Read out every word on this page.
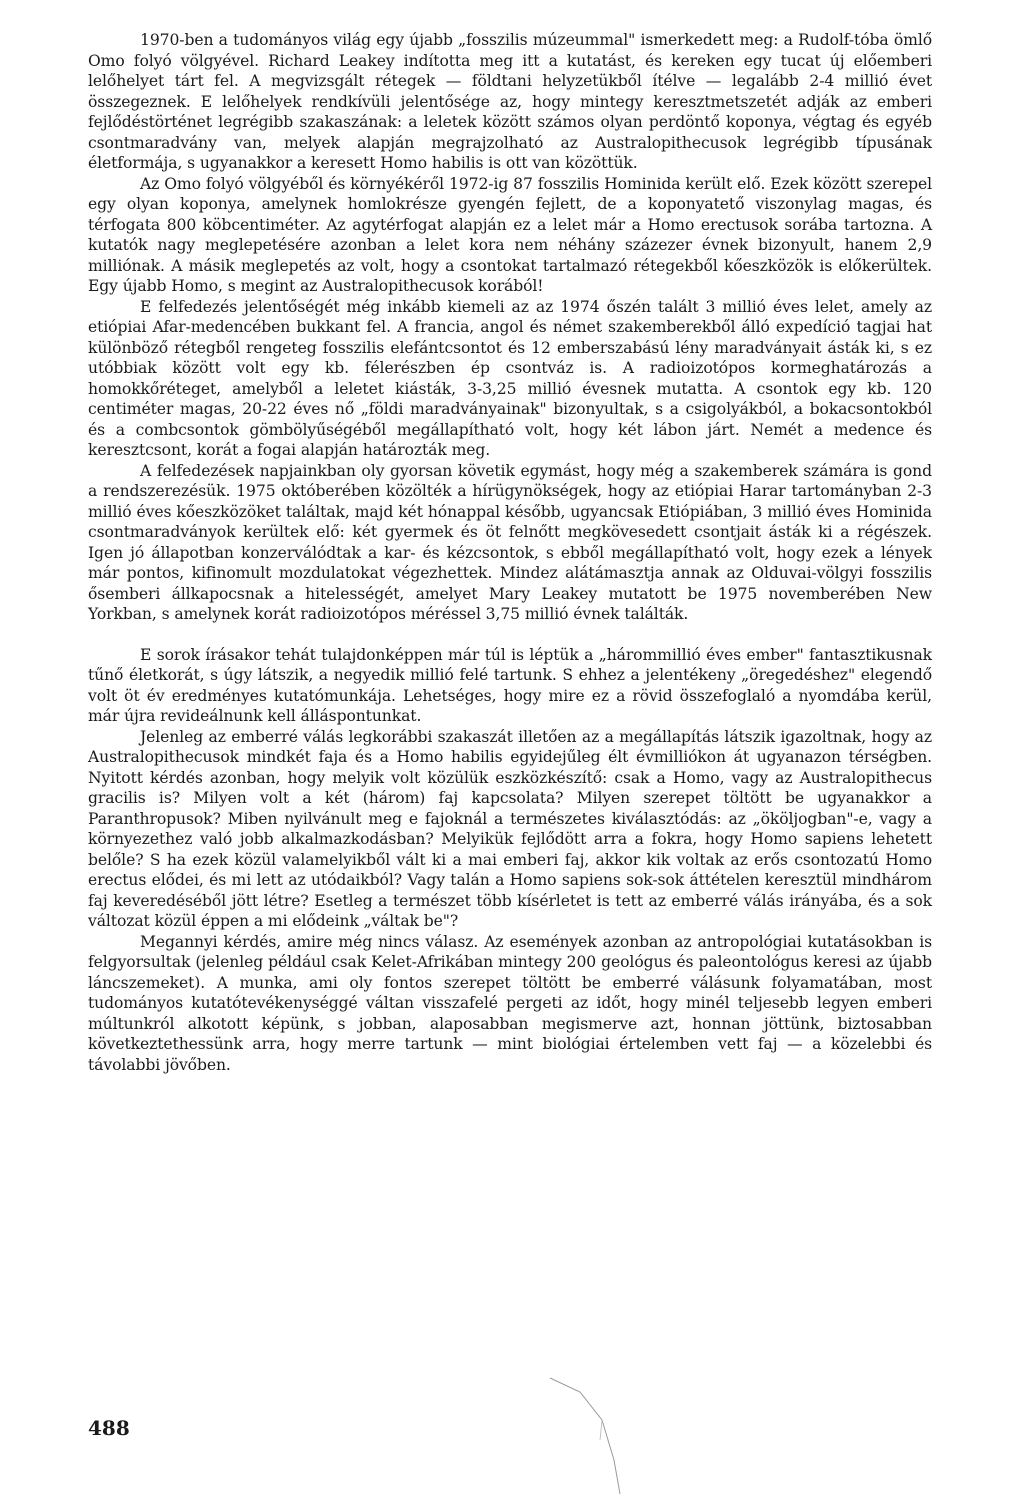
1970-ben a tudományos világ egy újabb „fosszilis múzeummal" ismerkedett meg: a Rudolf-tóba ömlő Omo folyó völgyével. Richard Leakey indította meg itt a kutatást, és kereken egy tucat új előemberi lelőhelyet tárt fel. A megvizsgált rétegek — földtani helyzetükből ítélve — legalább 2-4 millió évet összegeznek. E lelőhelyek rendkívüli jelentősége az, hogy mintegy keresztmetszetét adják az emberi fejlődéstörténet legrégibb szakaszának: a leletek között számos olyan perdöntő koponya, végtag és egyéb csontmaradvány van, melyek alapján megrajzolható az Australopithecusok legrégibb típusának életformája, s ugyanakkor a keresett Homo habilis is ott van közöttük.

Az Omo folyó völgyéből és környékéről 1972-ig 87 fosszilis Hominida került elő. Ezek között szerepel egy olyan koponya, amelynek homlokrésze gyengén fejlett, de a koponyatető viszonylag magas, és térfogata 800 köbcentiméter. Az agytérfogat alapján ez a lelet már a Homo erectusok sorába tartozna. A kutatók nagy meglepetésére azonban a lelet kora nem néhány százezer évnek bizonyult, hanem 2,9 milliónak. A másik meglepetés az volt, hogy a csontokat tartalmazó rétegekből kőeszközök is előkerültek. Egy újabb Homo, s megint az Australopithecusok korából!

E felfedezés jelentőségét még inkább kiemeli az az 1974 őszén talált 3 millió éves lelet, amely az etiópiai Afar-medencében bukkant fel. A francia, angol és német szakemberekből álló expedíció tagjai hat különböző rétegből rengeteg fosszilis elefántcsontot és 12 emberszabású lény maradványait ásták ki, s ez utóbbiak között volt egy kb. félerészben ép csontváz is. A radioizotópos kormeghatározás a homokkőréteget, amelyből a leletet kiásták, 3-3,25 millió évesnek mutatta. A csontok egy kb. 120 centiméter magas, 20-22 éves nő „földi maradványainak" bizonyultak, s a csigolyákból, a bokacsontokból és a combcsontok gömbölyűségéből megállapítható volt, hogy két lábon járt. Nemét a medence és keresztcsont, korát a fogai alapján határozták meg.

A felfedezések napjainkban oly gyorsan követik egymást, hogy még a szakemberek számára is gond a rendszerezésük. 1975 októberében közölték a hírügynökségek, hogy az etiópiai Harar tartományban 2-3 millió éves kőeszközöket találtak, majd két hónappal később, ugyancsak Etiópiában, 3 millió éves Hominida csontmaradványok kerültek elő: két gyermek és öt felnőtt megkövesedett csontjait ásták ki a régészek. Igen jó állapotban konzerválódtak a kar- és kézcsontok, s ebből megállapítható volt, hogy ezek a lények már pontos, kifinomult mozdulatokat végezhettek. Mindez alátámasztja annak az Olduvai-völgyi fosszilis ősemberi állkapocsnak a hitelességét, amelyet Mary Leakey mutatott be 1975 novemberében New Yorkban, s amelynek korát radioizotópos méréssel 3,75 millió évnek találták.

E sorok írásakor tehát tulajdonképpen már túl is léptük a „hárommillió éves ember" fantasztikusnak tűnő életkorát, s úgy látszik, a negyedik millió felé tartunk. S ehhez a jelentékeny „öregedéshez" elegendő volt öt év eredményes kutatómunkája. Lehetséges, hogy mire ez a rövid összefoglaló a nyomdába kerül, már újra revideálnunk kell álláspontunkat.

Jelenleg az emberré válás legkorábbi szakaszát illetően az a megállapítás látszik igazoltnak, hogy az Australopithecusok mindkét faja és a Homo habilis egyidejűleg élt évmilliókon át ugyanazon térségben. Nyitott kérdés azonban, hogy melyik volt közülük eszközkészítő: csak a Homo, vagy az Australopithecus gracilis is? Milyen volt a két (három) faj kapcsolata? Milyen szerepet töltött be ugyanakkor a Paranthropusok? Miben nyilvánult meg e fajoknál a természetes kiválasztódás: az „ököljogban"-e, vagy a környezethez való jobb alkalmazkodásban? Melyikük fejlődött arra a fokra, hogy Homo sapiens lehetett belőle? S ha ezek közül valamelyikből vált ki a mai emberi faj, akkor kik voltak az erős csontozatú Homo erectus elődei, és mi lett az utódaikból? Vagy talán a Homo sapiens sok-sok áttételen keresztül mindhárom faj keveredéséből jött létre? Esetleg a természet több kísérletet is tett az emberré válás irányába, és a sok változat közül éppen a mi elődeink „váltak be"?

Megannyi kérdés, amire még nincs válasz. Az események azonban az antropológiai kutatásokban is felgyorsultak (jelenleg például csak Kelet-Afrikában mintegy 200 geológus és paleontológus keresi az újabb láncszemeket). A munka, ami oly fontos szerepet töltött be emberré válásunk folyamatában, most tudományos kutatótevékenységgé váltan visszafelé pergeti az időt, hogy minél teljesebb legyen emberi múltunkról alkotott képünk, s jobban, alaposabban megismerve azt, honnan jöttünk, biztosabban következtethessünk arra, hogy merre tartunk — mint biológiai értelemben vett faj — a közelebbi és távolabbi jövőben.

488
